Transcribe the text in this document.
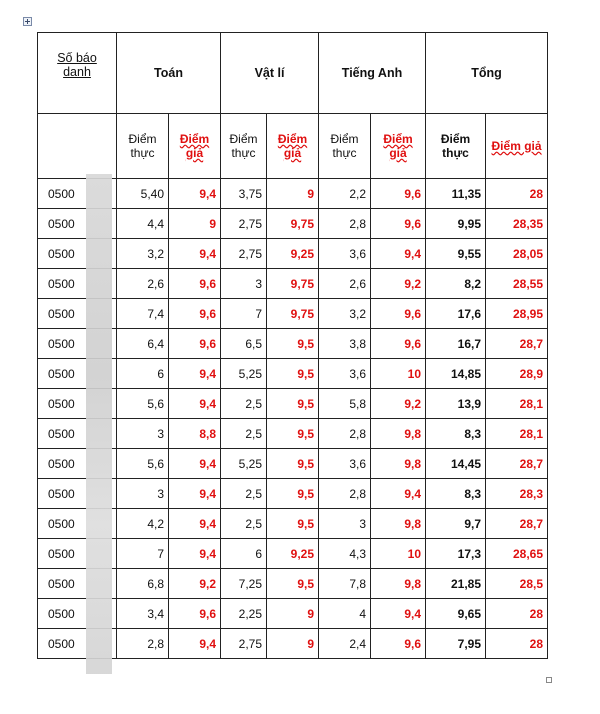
Số báo danh	Toán		Vật lí		Tiếng Anh		Tổng	
	Điểm thực	Điểm giả	Điểm thực	Điểm giả	Điểm thực	Điểm giả	Điểm thực	Điểm giả
0500	5,40	9,4	3,75	9	2,2	9,6	11,35	28
0500	4,4	9	2,75	9,75	2,8	9,6	9,95	28,35
0500	3,2	9,4	2,75	9,25	3,6	9,4	9,55	28,05
0500	2,6	9,6	3	9,75	2,6	9,2	8,2	28,55
0500	7,4	9,6	7	9,75	3,2	9,6	17,6	28,95
0500	6,4	9,6	6,5	9,5	3,8	9,6	16,7	28,7
0500	6	9,4	5,25	9,5	3,6	10	14,85	28,9
0500	5,6	9,4	2,5	9,5	5,8	9,2	13,9	28,1
0500	3	8,8	2,5	9,5	2,8	9,8	8,3	28,1
0500	5,6	9,4	5,25	9,5	3,6	9,8	14,45	28,7
0500	3	9,4	2,5	9,5	2,8	9,4	8,3	28,3
0500	4,2	9,4	2,5	9,5	3	9,8	9,7	28,7
0500	7	9,4	6	9,25	4,3	10	17,3	28,65
0500	6,8	9,2	7,25	9,5	7,8	9,8	21,85	28,5
0500	3,4	9,6	2,25	9	4	9,4	9,65	28
0500	2,8	9,4	2,75	9	2,4	9,6	7,95	28
